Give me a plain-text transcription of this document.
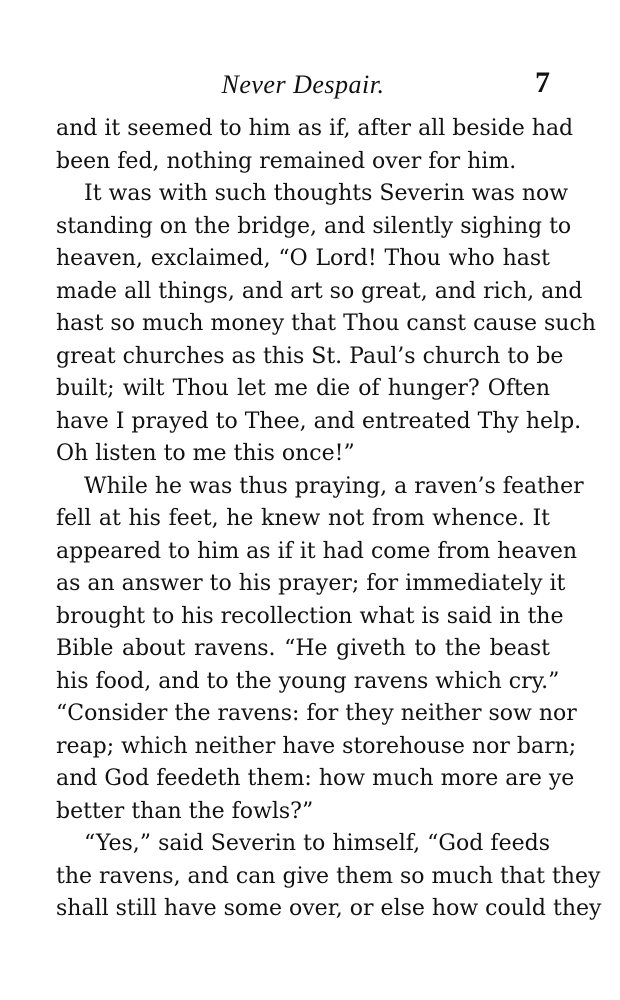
Never Despair.	7
and it seemed to him as if, after all beside had
been fed, nothing remained over for him.
It was with such thoughts Severin was now
standing on the bridge, and silently sighing to
heaven, exclaimed, “O Lord! Thou who hast
made all things, and art so great, and rich, and
hast so much money that Thou canst cause such
great churches as this St. Paul’s church to be
built; wilt Thou let me die of hunger? Often
have I prayed to Thee, and entreated Thy help.
Oh listen to me this once!”
While he was thus praying, a raven’s feather
fell at his feet, he knew not from whence. It
appeared to him as if it had come from heaven
as an answer to his prayer; for immediately it
brought to his recollection what is said in the
Bible about ravens. “He giveth to the beast
his food, and to the young ravens which cry.”
“Consider the ravens: for they neither sow nor
reap; which neither have storehouse nor barn;
and God feedeth them: how much more are ye
better than the fowls?”
“Yes,” said Severin to himself, “God feeds
the ravens, and can give them so much that they
shall still have some over, or else how could they
